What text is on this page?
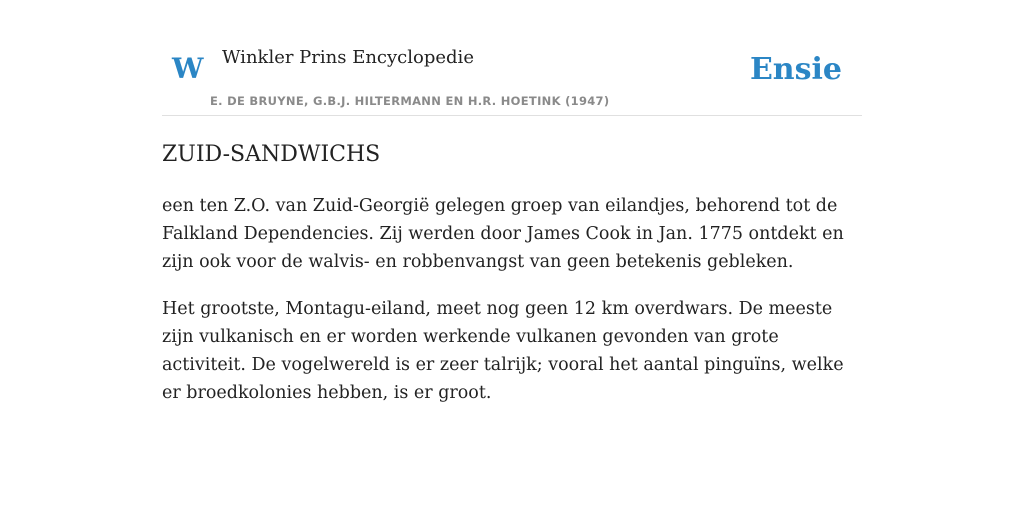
W Winkler Prins Encyclopedie
E. DE BRUYNE, G.B.J. HILTERMANN EN H.R. HOETINK (1947)
Ensie
ZUID-SANDWICHS

een ten Z.O. van Zuid-Georgië gelegen groep van eilandjes, behorend tot de Falkland Dependencies. Zij werden door James Cook in Jan. 1775 ontdekt en zijn ook voor de walvis- en robbenvangst van geen betekenis gebleken.

Het grootste, Montagu-eiland, meet nog geen 12 km overdwars. De meeste zijn vulkanisch en er worden werkende vulkanen gevonden van grote activiteit. De vogelwereld is er zeer talrijk; vooral het aantal pinguïns, welke er broedkolonies hebben, is er groot.
